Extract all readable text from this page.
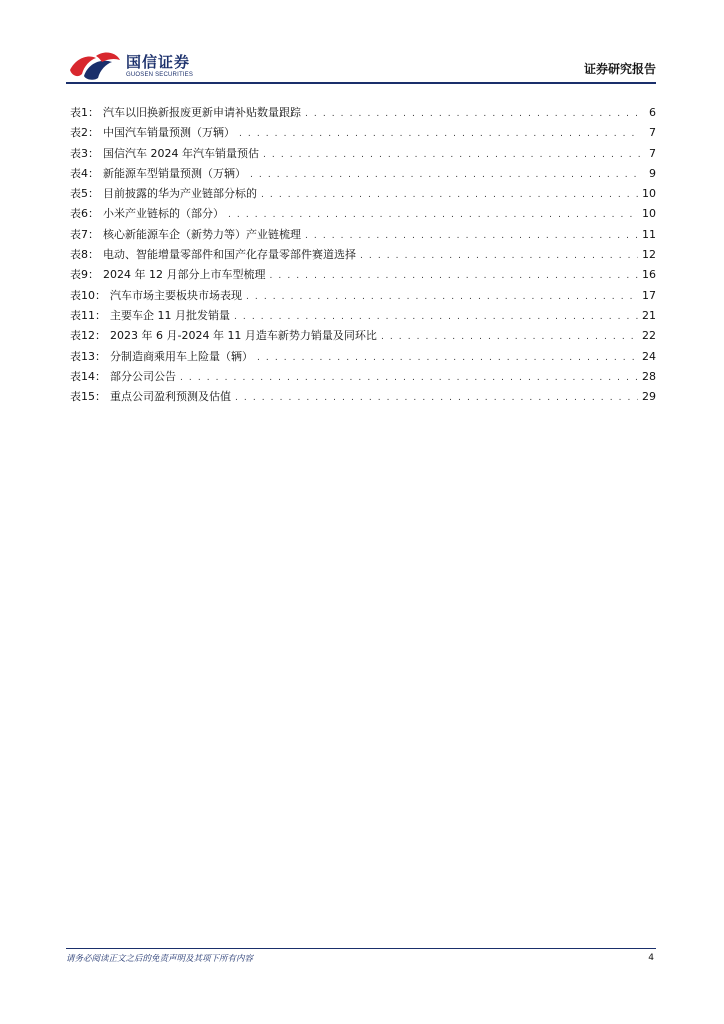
国信证券
GUOSEN SECURITIES	证券研究报告
表1： 汽车以旧换新报废更新申请补贴数量跟踪 . . .	6
表2： 中国汽车销量预测（万辆） . . .	7
表3： 国信汽车 2024 年汽车销量预估 . . .	7
表4： 新能源车型销量预测（万辆） . . .	9
表5： 目前披露的华为产业链部分标的 . . .	10
表6： 小米产业链标的（部分） . . .	10
表7： 核心新能源车企（新势力等）产业链梳理 . . .	11
表8： 电动、智能增量零部件和国产化存量零部件赛道选择 . . .	12
表9： 2024 年 12 月部分上市车型梳理 . . .	16
表10： 汽车市场主要板块市场表现 . . .	17
表11： 主要车企 11 月批发销量 . . .	21
表12： 2023 年 6 月-2024 年 11 月造车新势力销量及同环比 . . .	22
表13： 分制造商乘用车上险量（辆） . . .	24
表14： 部分公司公告 . . .	28
表15： 重点公司盈利预测及估值 . . .	29
请务必阅读正文之后的免责声明及其项下所有内容	4
